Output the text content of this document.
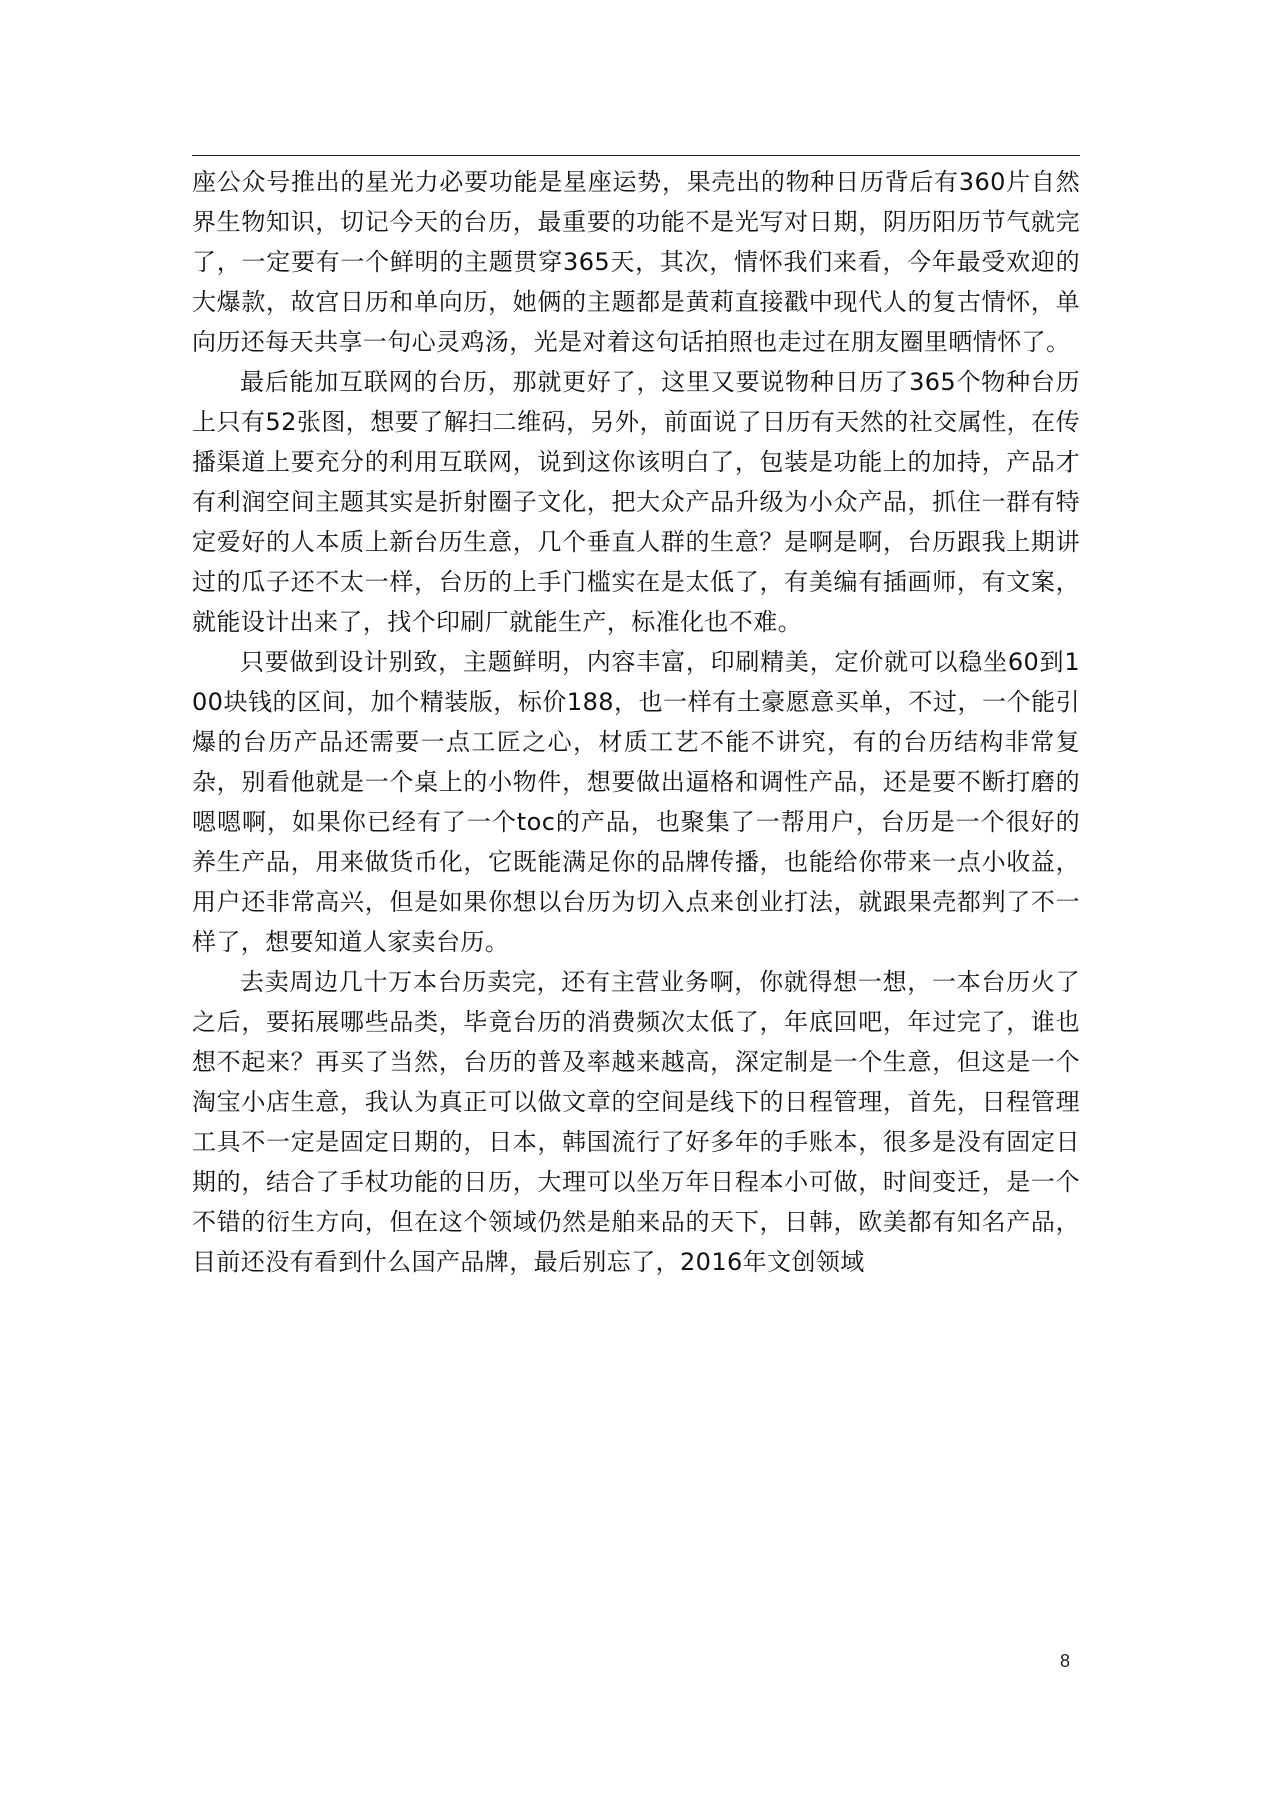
座公众号推出的星光力必要功能是星座运势，果壳出的物种日历背后有360片自然界生物知识，切记今天的台历，最重要的功能不是光写对日期，阴历阳历节气就完了，一定要有一个鲜明的主题贯穿365天，其次，情怀我们来看，今年最受欢迎的大爆款，故宫日历和单向历，她俩的主题都是黄莉直接戳中现代人的复古情怀，单向历还每天共享一句心灵鸡汤，光是对着这句话拍照也走过在朋友圈里晒情怀了。

最后能加互联网的台历，那就更好了，这里又要说物种日历了365个物种台历上只有52张图，想要了解扫二维码，另外，前面说了日历有天然的社交属性，在传播渠道上要充分的利用互联网，说到这你该明白了，包装是功能上的加持，产品才有利润空间主题其实是折射圈子文化，把大众产品升级为小众产品，抓住一群有特定爱好的人本质上新台历生意，几个垂直人群的生意？是啊是啊，台历跟我上期讲过的瓜子还不太一样，台历的上手门槛实在是太低了，有美编有插画师，有文案，就能设计出来了，找个印刷厂就能生产，标准化也不难。

只要做到设计别致，主题鲜明，内容丰富，印刷精美，定价就可以稳坐60到100块钱的区间，加个精装版，标价188，也一样有土豪愿意买单，不过，一个能引爆的台历产品还需要一点工匠之心，材质工艺不能不讲究，有的台历结构非常复杂，别看他就是一个桌上的小物件，想要做出逼格和调性产品，还是要不断打磨的嗯嗯啊，如果你已经有了一个toc的产品，也聚集了一帮用户，台历是一个很好的养生产品，用来做货币化，它既能满足你的品牌传播，也能给你带来一点小收益，用户还非常高兴，但是如果你想以台历为切入点来创业打法，就跟果壳都判了不一样了，想要知道人家卖台历。

去卖周边几十万本台历卖完，还有主营业务啊，你就得想一想，一本台历火了之后，要拓展哪些品类，毕竟台历的消费频次太低了，年底回吧，年过完了，谁也想不起来？再买了当然，台历的普及率越来越高，深定制是一个生意，但这是一个淘宝小店生意，我认为真正可以做文章的空间是线下的日程管理，首先，日程管理工具不一定是固定日期的，日本，韩国流行了好多年的手账本，很多是没有固定日期的，结合了手杖功能的日历，大理可以坐万年日程本小可做，时间变迁，是一个不错的衍生方向，但在这个领域仍然是舶来品的天下，日韩，欧美都有知名产品，目前还没有看到什么国产品牌，最后别忘了，2016年文创领域

8
